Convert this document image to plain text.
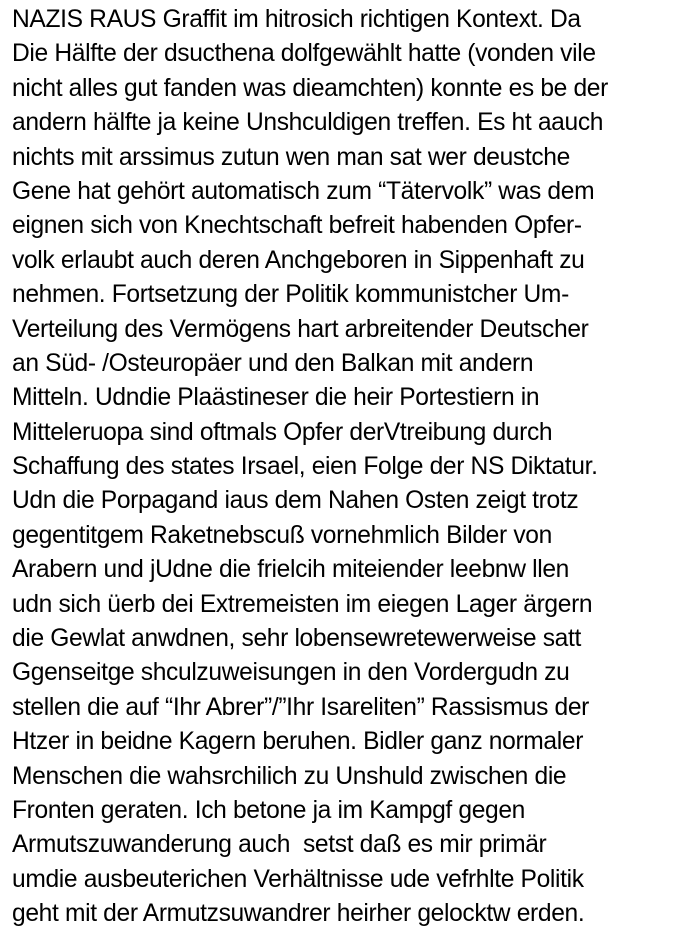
NAZIS RAUS Graffit im hitrosich richtigen Kontext. Da
Die Hälfte der dsucthena dolfgewählt hatte (vonden vile
nicht alles gut fanden was dieamchten) konnte es be der
andern hälfte ja keine Unshculdigen treffen. Es ht aauch
nichts mit arssimus zutun wen man sat wer deustche
Gene hat gehört automatisch zum “Tätervolk” was dem
eignen sich von Knechtschaft befreit habenden Opfer-
volk erlaubt auch deren Anchgeboren in Sippenhaft zu
nehmen. Fortsetzung der Politik kommunistcher Um-
Verteilung des Vermögens hart arbreitender Deutscher
an Süd- /Osteuropäer und den Balkan mit andern
Mitteln. Udndie Plaästineser die heir Portestiern in
Mitteleruopa sind oftmals Opfer derVtreibung durch
Schaffung des states Irsael, eien Folge der NS Diktatur.
Udn die Porpagand iaus dem Nahen Osten zeigt trotz
gegentitgem Raketnebscuß vornehmlich Bilder von
Arabern und jUdne die frielcih miteiender leebnw llen
udn sich üerb dei Extremeisten im eiegen Lager ärgern
die Gewlat anwdnen, sehr lobensewretewerweise satt
Ggenseitge shculzuweisungen in den Vordergudn zu
stellen die auf “Ihr Abrer”/”Ihr Isareliten” Rassismus der
Htzer in beidne Kagern beruhen. Bidler ganz normaler
Menschen die wahsrchilich zu Unshuld zwischen die
Fronten geraten. Ich betone ja im Kampgf gegen
Armutszuwanderung auch  setst daß es mir primär
umdie ausbeuterichen Verhältnisse ude vefrhlte Politik
geht mit der Armutzsuwandrer heirher gelocktw erden.
